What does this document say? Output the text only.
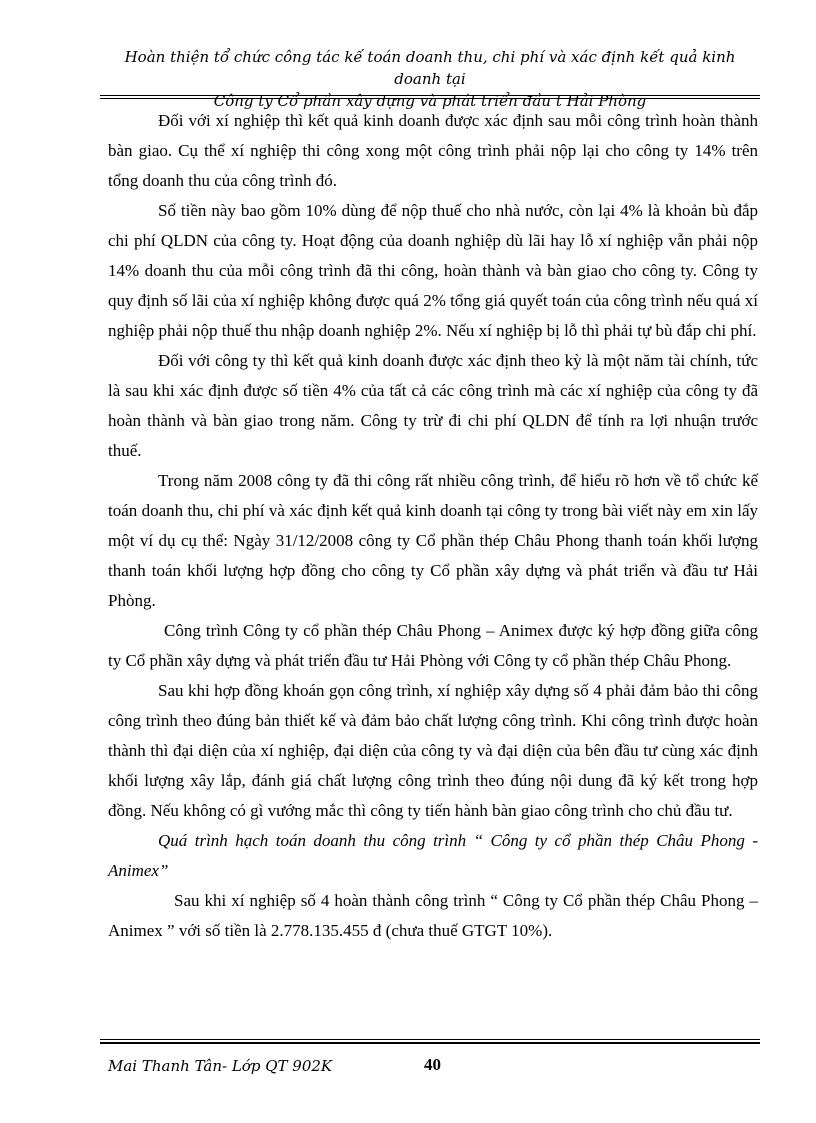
Hoàn thiện tổ chức công tác kế toán doanh thu, chi phí và xác định kết quả kinh doanh tại
Công ty Cổ phần xây dựng và phát triển đầu t Hải Phòng

Đối với xí nghiệp thì kết quả kinh doanh được xác định sau mỗi công trình hoàn thành bàn giao. Cụ thể xí nghiệp thi công xong một công trình phải nộp lại cho công ty 14% trên tổng doanh thu của công trình đó.

Số tiền này bao gồm 10% dùng để nộp thuế cho nhà nước, còn lại 4% là khoản bù đắp chi phí QLDN của công ty. Hoạt động của doanh nghiệp dù lãi hay lỗ xí nghiệp vẫn phải nộp 14% doanh thu của mỗi công trình đã thi công, hoàn thành và bàn giao cho công ty. Công ty quy định số lãi của xí nghiệp không được quá 2% tổng giá quyết toán của công trình nếu quá xí nghiệp phải nộp thuế thu nhập doanh nghiệp 2%. Nếu xí nghiệp bị lỗ thì phải tự bù đắp chi phí.

Đối với công ty thì kết quả kinh doanh được xác định theo kỳ là một năm tài chính, tức là sau khi xác định được số tiền 4% của tất cả các công trình mà các xí nghiệp của công ty đã hoàn thành và bàn giao trong năm. Công ty trừ đi chi phí QLDN để tính ra lợi nhuận trước thuế.

Trong năm 2008 công ty đã thi công rất nhiều công trình, để hiểu rõ hơn về tổ chức kế toán doanh thu, chi phí và xác định kết quả kinh doanh tại công ty trong bài viết này em xin lấy một ví dụ cụ thể: Ngày 31/12/2008 công ty Cổ phần thép Châu Phong thanh toán khối lượng thanh toán khối lượng hợp đồng cho công ty Cổ phần xây dựng và phát triển và đầu tư Hải Phòng.

Công trình Công ty cổ phần thép Châu Phong – Animex được ký hợp đồng giữa công ty Cổ phần xây dựng và phát triển đầu tư Hải Phòng với Công ty cổ phần thép Châu Phong.

Sau khi hợp đồng khoán gọn công trình, xí nghiệp xây dựng số 4 phải đảm bảo thi công công trình theo đúng bản thiết kế và đảm bảo chất lượng công trình. Khi công trình được hoàn thành thì đại diện của xí nghiệp, đại diện của công ty và đại diện của bên đầu tư cùng xác định khối lượng xây lắp, đánh giá chất lượng công trình theo đúng nội dung đã ký kết trong hợp đồng. Nếu không có gì vướng mắc thì công ty tiến hành bàn giao công trình cho chủ đầu tư.

Quá trình hạch toán doanh thu công trình “ Công ty cổ phần thép Châu Phong - Animex”

Sau khi xí nghiệp số 4 hoàn thành công trình “ Công ty Cổ phần thép Châu Phong – Animex ” với số tiền là 2.778.135.455 đ (chưa thuế GTGT 10%).

Mai Thanh Tân- Lớp QT 902K	40
